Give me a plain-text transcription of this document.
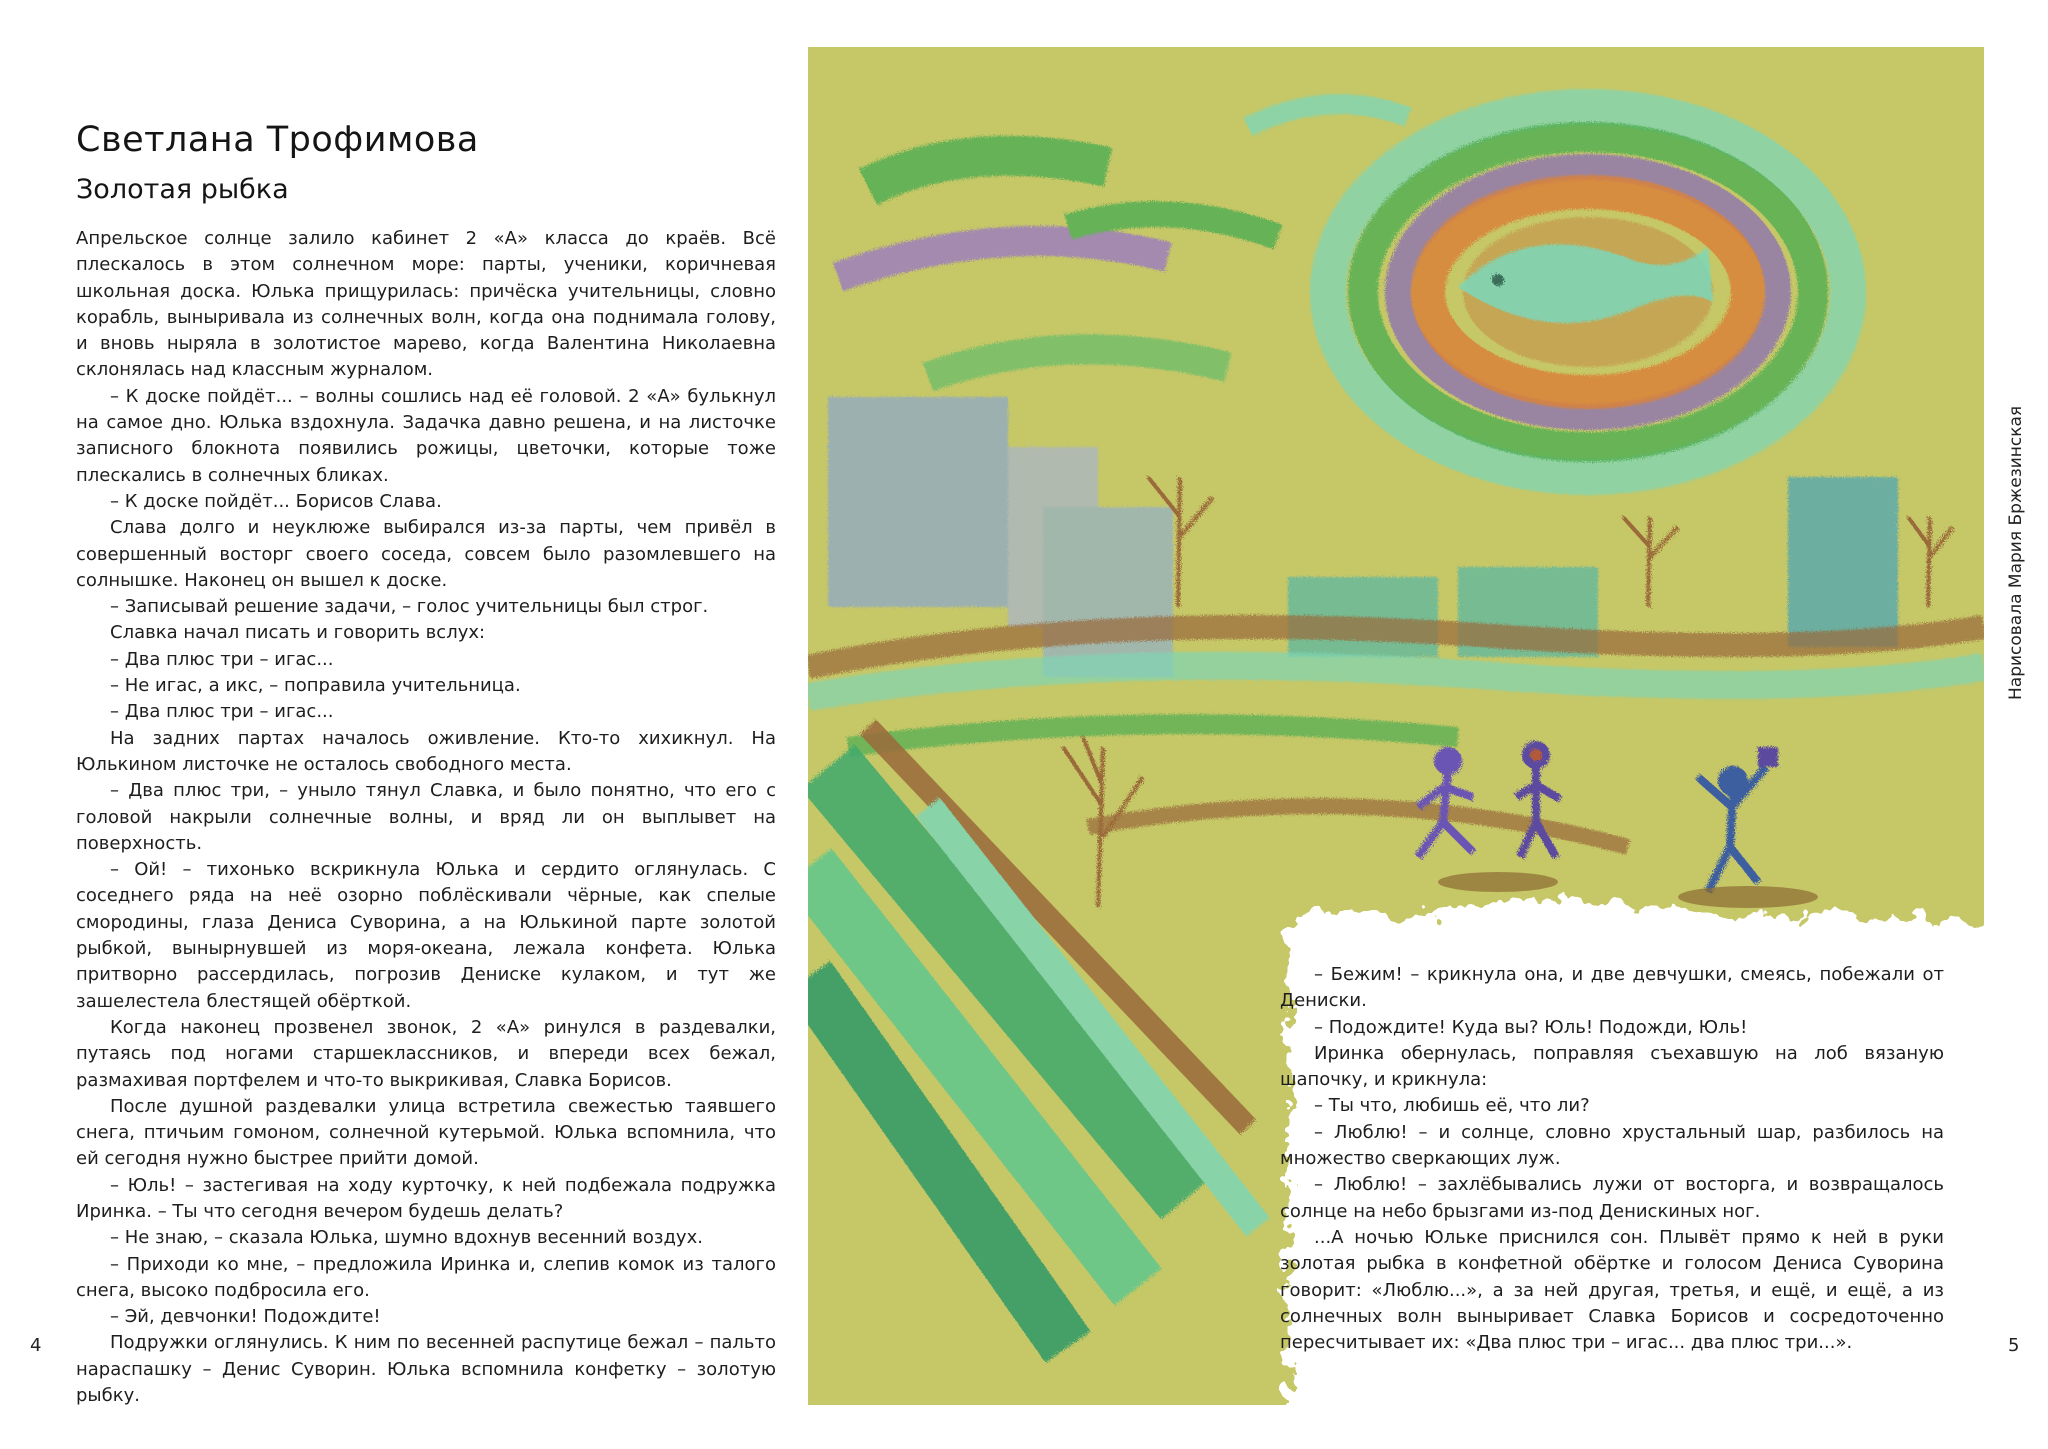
Светлана Трофимова
Золотая рыбка

Апрельское солнце залило кабинет 2 «А» класса до краёв. Всё плескалось в этом солнечном море: парты, ученики, коричневая школьная доска. Юлька прищурилась: причёска учительницы, словно корабль, выныривала из солнечных волн, когда она поднимала голову, и вновь ныряла в золотистое марево, когда Валентина Николаевна склонялась над классным журналом.

– К доске пойдёт... – волны сошлись над её головой. 2 «А» булькнул на самое дно. Юлька вздохнула. Задачка давно решена, и на листочке записного блокнота появились рожицы, цветочки, которые тоже плескались в солнечных бликах.

– К доске пойдёт... Борисов Слава.

Слава долго и неуклюже выбирался из-за парты, чем привёл в совершенный восторг своего соседа, совсем было разомлевшего на солнышке. Наконец он вышел к доске.

– Записывай решение задачи, – голос учительницы был строг.

Славка начал писать и говорить вслух:

– Два плюс три – игас...

– Не игас, а икс, – поправила учительница.

– Два плюс три – игас...

На задних партах началось оживление. Кто-то хихикнул. На Юлькином листочке не осталось свободного места.

– Два плюс три, – уныло тянул Славка, и было понятно, что его с головой накрыли солнечные волны, и вряд ли он выплывет на поверхность.

– Ой! – тихонько вскрикнула Юлька и сердито оглянулась. С соседнего ряда на неё озорно поблёскивали чёрные, как спелые смородины, глаза Дениса Суворина, а на Юлькиной парте золотой рыбкой, вынырнувшей из моря-океана, лежала конфета. Юлька притворно рассердилась, погрозив Дениске кулаком, и тут же зашелестела блестящей обёрткой.

Когда наконец прозвенел звонок, 2 «А» ринулся в раздевалки, путаясь под ногами старшеклассников, и впереди всех бежал, размахивая портфелем и что-то выкрикивая, Славка Борисов.

После душной раздевалки улица встретила свежестью таявшего снега, птичьим гомоном, солнечной кутерьмой. Юлька вспомнила, что ей сегодня нужно быстрее прийти домой.

– Юль! – застегивая на ходу курточку, к ней подбежала подружка Иринка. – Ты что сегодня вечером будешь делать?

– Не знаю, – сказала Юлька, шумно вдохнув весенний воздух.

– Приходи ко мне, – предложила Иринка и, слепив комок из талого снега, высоко подбросила его.

– Эй, девчонки! Подождите!

Подружки оглянулись. К ним по весенней распутице бежал – пальто нараспашку – Денис Суворин. Юлька вспомнила конфетку – золотую рыбку.

4

– Бежим! – крикнула она, и две девчушки, смеясь, побежали от Дениски.

– Подождите! Куда вы? Юль! Подожди, Юль!

Иринка обернулась, поправляя съехавшую на лоб вязаную шапочку, и крикнула:

– Ты что, любишь её, что ли?

– Люблю! – и солнце, словно хрустальный шар, разбилось на множество сверкающих луж.

– Люблю! – захлёбывались лужи от восторга, и возвращалось солнце на небо брызгами из-под Денискиных ног.

...А ночью Юльке приснился сон. Плывёт прямо к ней в руки золотая рыбка в конфетной обёртке и голосом Дениса Суворина говорит: «Люблю...», а за ней другая, третья, и ещё, и ещё, а из солнечных волн выныривает Славка Борисов и сосредоточенно пересчитывает их: «Два плюс три – игас... два плюс три...».	5
Нарисовала Мария Бржезинская
